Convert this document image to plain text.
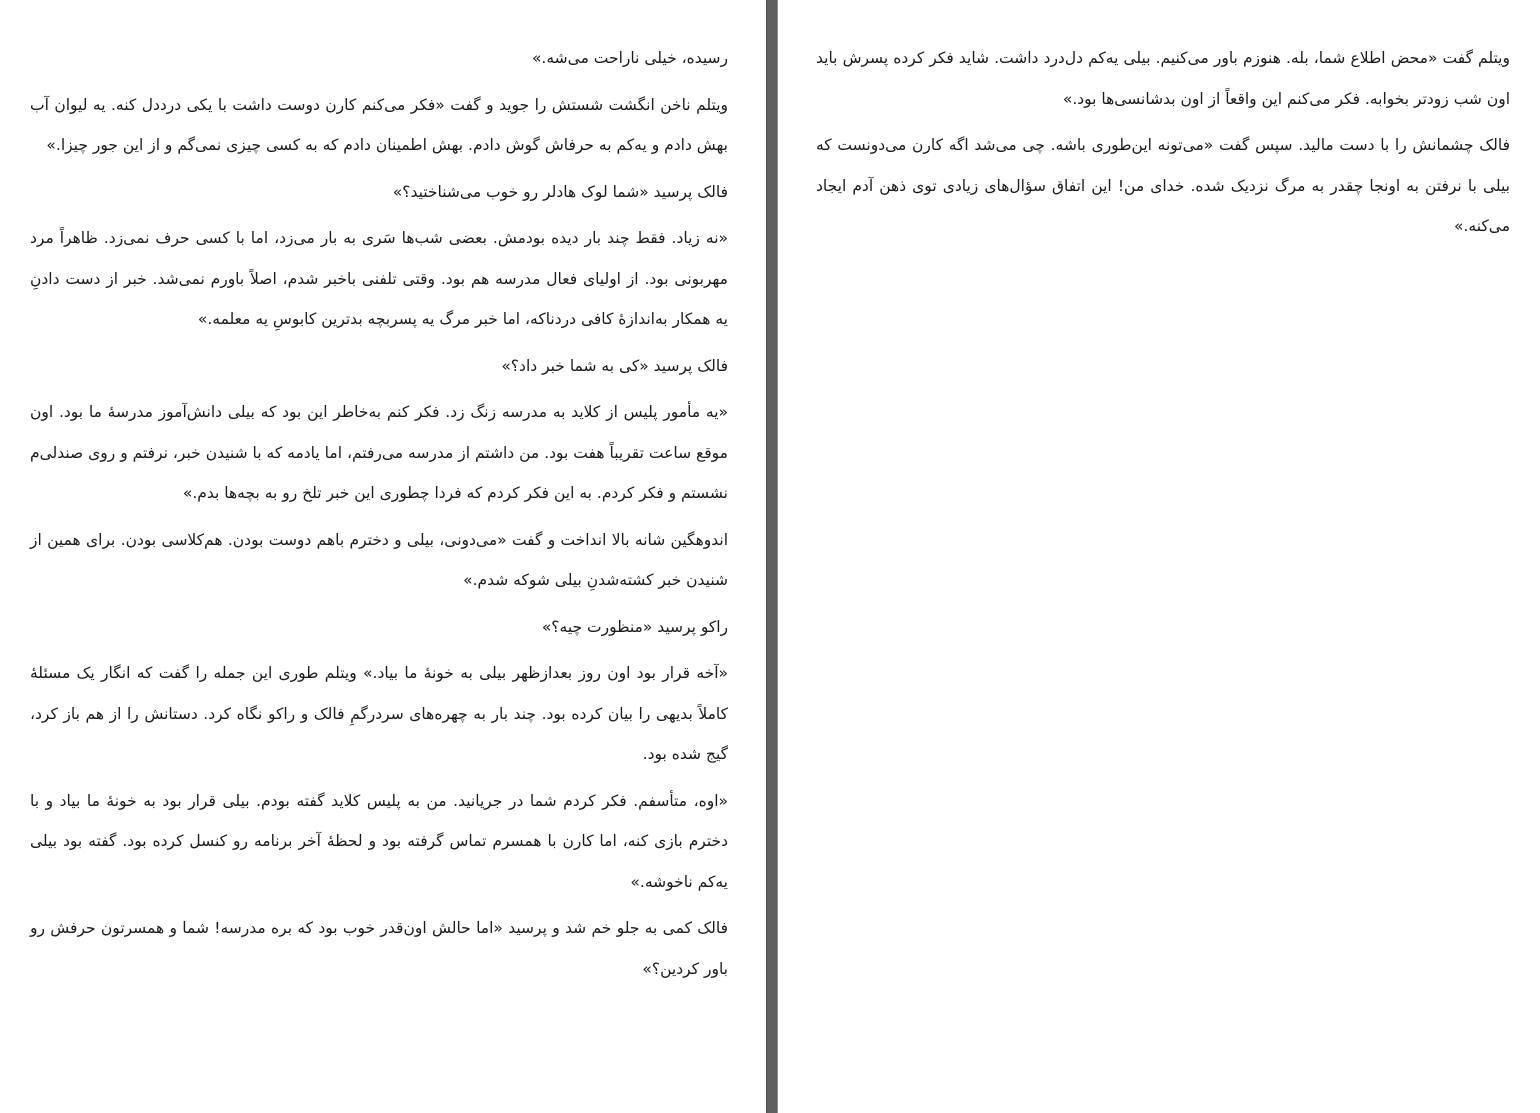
رسیده، خیلی ناراحت می‌شه.»

ویتلم ناخن انگشت شستش را جوید و گفت «فکر می‌کنم کارن دوست داشت با یکی درددل کنه. یه لیوان آب بهش دادم و یه‌کم به حرفاش گوش دادم. بهش اطمینان دادم که به کسی چیزی نمی‌گم و از این جور چیزا.»

فالک پرسید «شما لوک هادلر رو خوب می‌شناختید؟»

«نه زیاد. فقط چند بار دیده بودمش. بعضی شب‌ها سَری به بار می‌زد، اما با کسی حرف نمی‌زد. ظاهراً مرد مهربونی بود. از اولیای فعال مدرسه هم بود. وقتی تلفنی باخبر شدم، اصلاً باورم نمی‌شد. خبر از دست دادنِ یه همکار به‌اندازهٔ کافی دردناکه، اما خبر مرگ یه پسربچه بدترین کابوسِ یه معلمه.»

فالک پرسید «کی به شما خبر داد؟»

«یه مأمور پلیس از کلاید به مدرسه زنگ زد. فکر کنم به‌خاطر این بود که بیلی دانش‌آموز مدرسهٔ ما بود. اون موقع ساعت تقریباً هفت بود. من داشتم از مدرسه می‌رفتم، اما یادمه که با شنیدن خبر، نرفتم و روی صندلی‌م نشستم و فکر کردم. به این فکر کردم که فردا چطوری این خبر تلخ رو به بچه‌ها بدم.»

اندوهگین شانه بالا انداخت و گفت «می‌دونی، بیلی و دخترم باهم دوست بودن. هم‌کلاسی بودن. برای همین از شنیدن خبر کشته‌شدنِ بیلی شوکه شدم.»

راکو پرسید «منظورت چیه؟»

«آخه قرار بود اون روز بعدازظهر بیلی به خونهٔ ما بیاد.» ویتلم طوری این جمله را گفت که انگار یک مسئلهٔ کاملاً بدیهی را بیان کرده بود. چند بار به چهره‌های سردرگمِ فالک و راکو نگاه کرد. دستانش را از هم باز کرد، گیج شده بود.

«اوه، متأسفم. فکر کردم شما در جریانید. من به پلیس کلاید گفته بودم. بیلی قرار بود به خونهٔ ما بیاد و با دخترم بازی کنه، اما کارن با همسرم تماس گرفته بود و لحظهٔ آخر برنامه رو کنسل کرده بود. گفته بود بیلی یه‌کم ناخوشه.»

فالک کمی به جلو خم شد و پرسید «اما حالش اون‌قدر خوب بود که بره مدرسه! شما و همسرتون حرفش رو باور کردین؟»

ویتلم گفت «محض اطلاع شما، بله. هنوزم باور می‌کنیم. بیلی یه‌کم دل‌درد داشت. شاید فکر کرده پسرش باید اون شب زودتر بخوابه. فکر می‌کنم این واقعاً از اون بدشانسی‌ها بود.»

فالک چشمانش را با دست مالید. سپس گفت «می‌تونه این‌طوری باشه. چی می‌شد اگه کارن می‌دونست که بیلی با نرفتن به اونجا چقدر به مرگ نزدیک شده. خدای من! این اتفاق سؤال‌های زیادی توی ذهن آدم ایجاد می‌کنه.»
